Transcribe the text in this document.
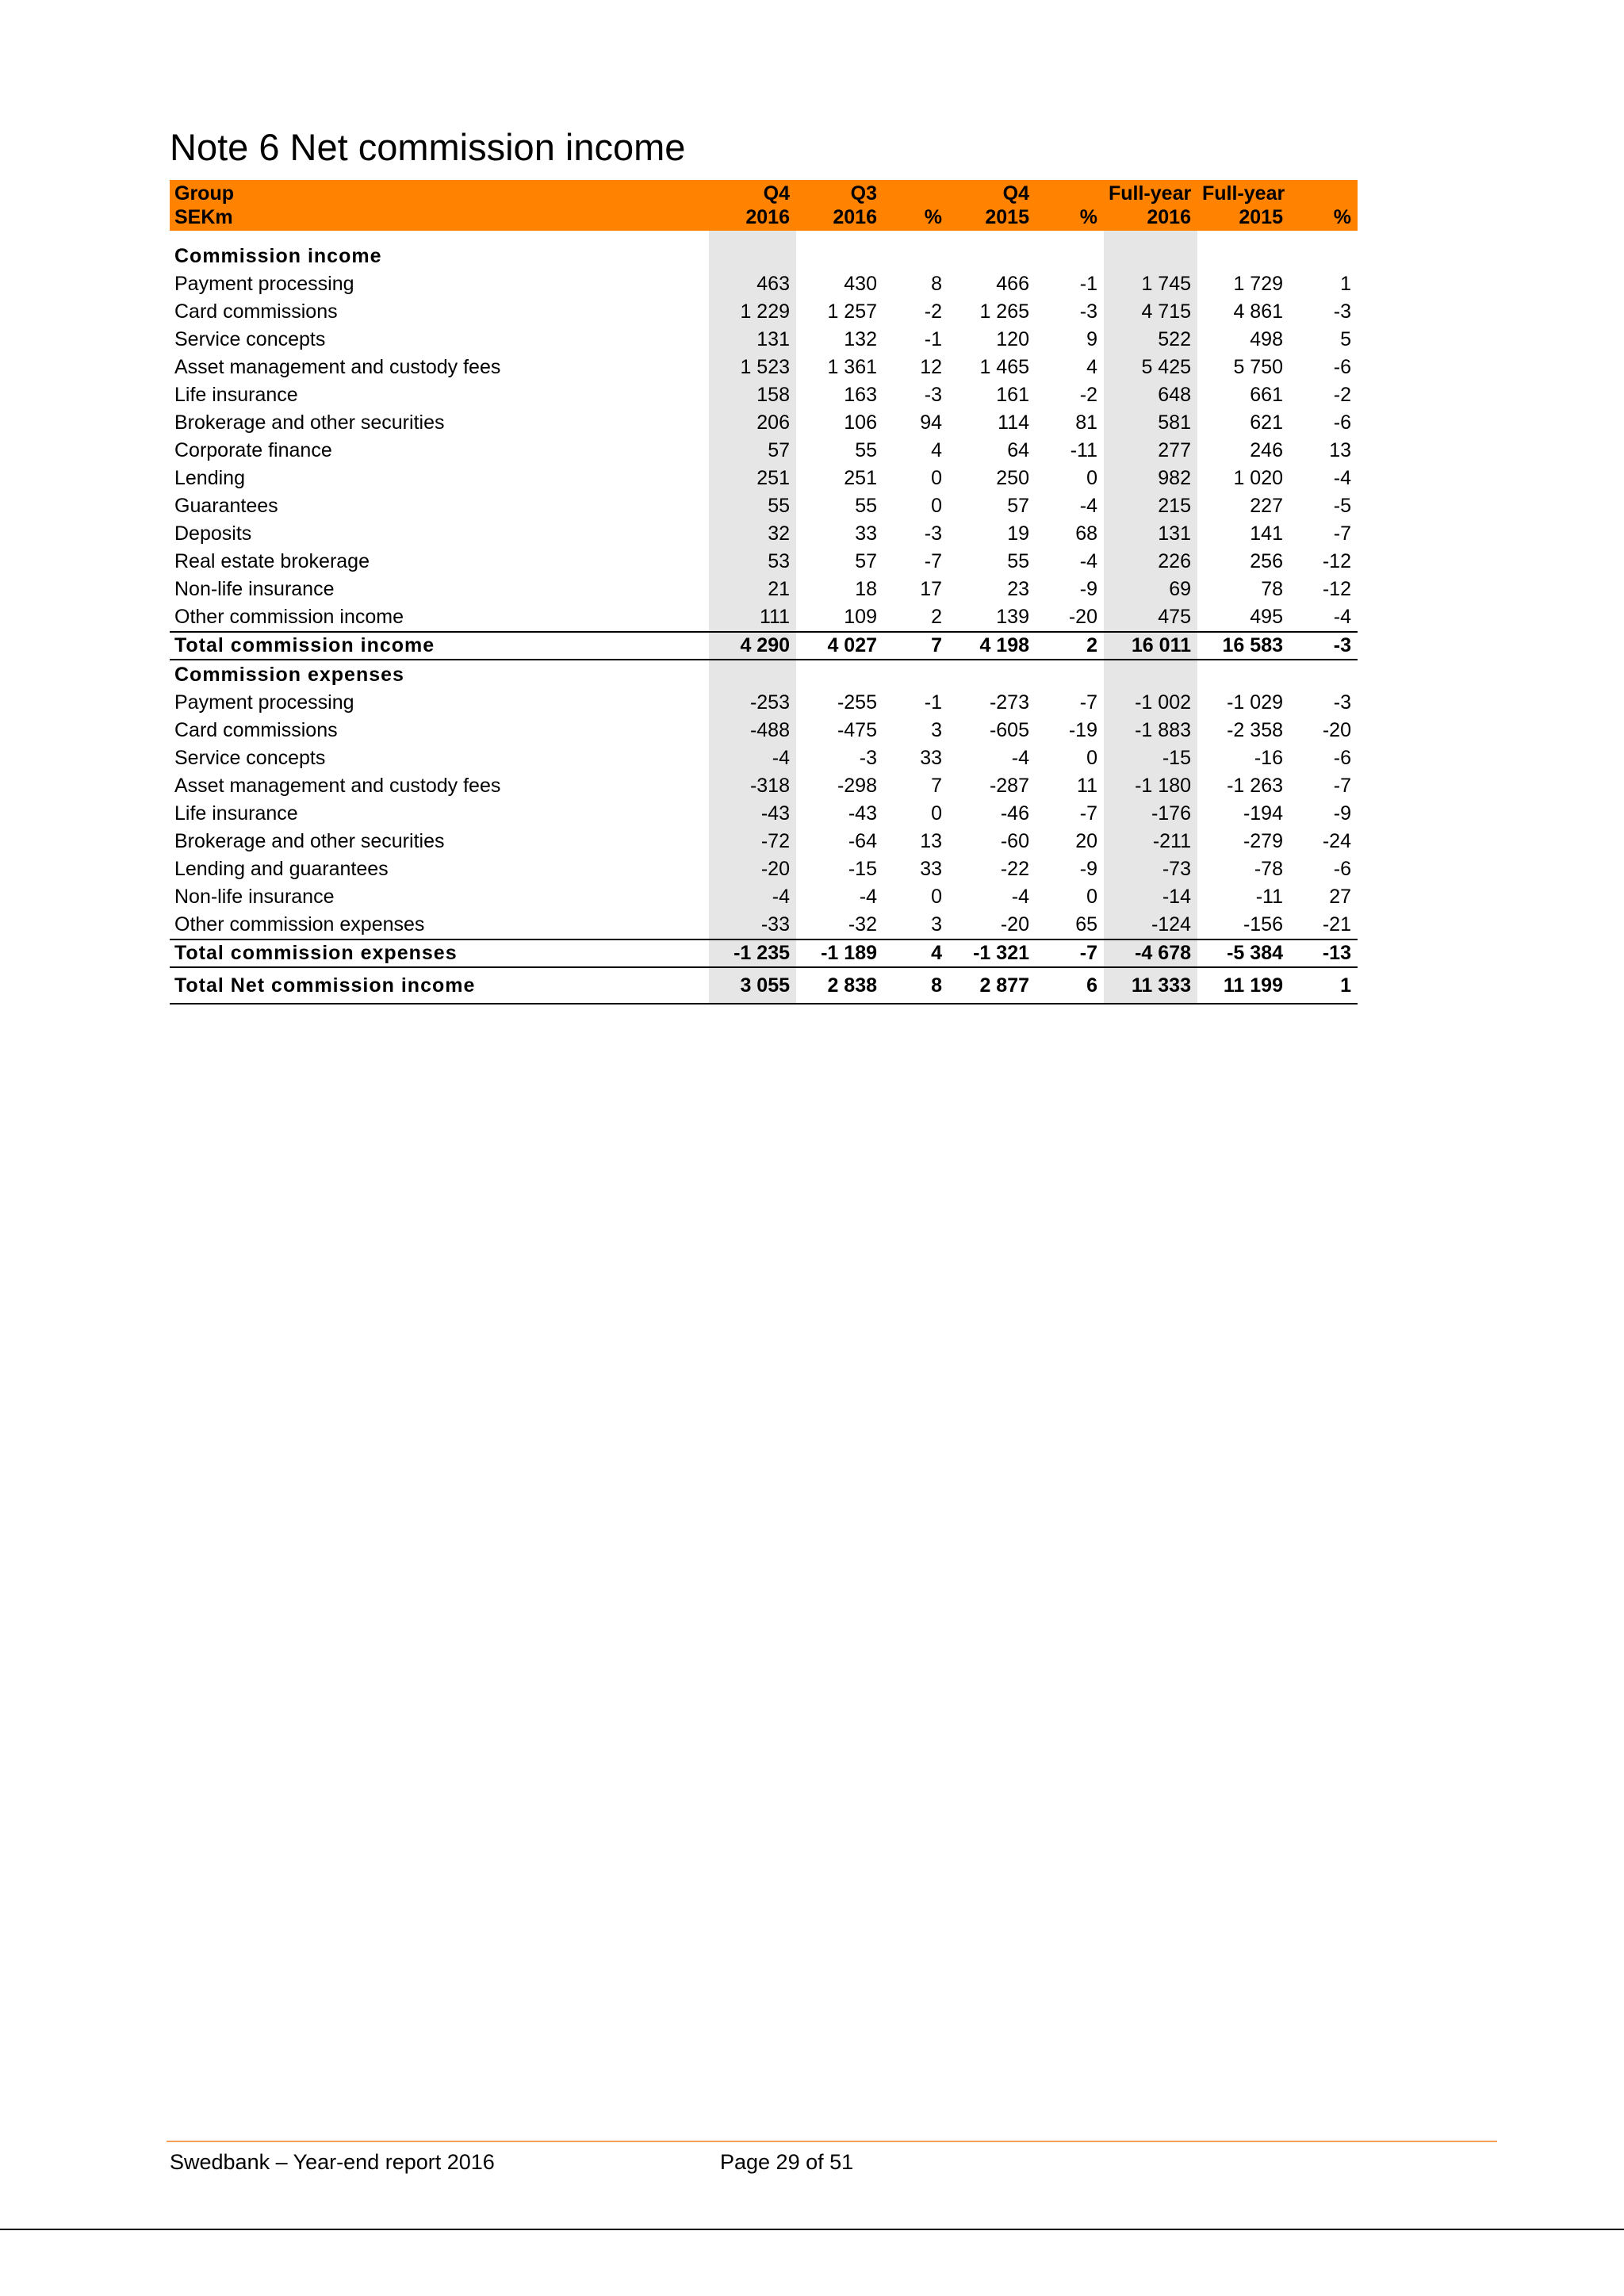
Note 6 Net commission income
Group	Q4	Q3		Q4		Full-year	Full-year	
SEKm	2016	2016	%	2015	%	2016	2015	%

Commission income								
Payment processing	463	430	8	466	-1	1 745	1 729	1
Card commissions	1 229	1 257	-2	1 265	-3	4 715	4 861	-3
Service concepts	131	132	-1	120	9	522	498	5
Asset management and custody fees	1 523	1 361	12	1 465	4	5 425	5 750	-6
Life insurance	158	163	-3	161	-2	648	661	-2
Brokerage and other securities	206	106	94	114	81	581	621	-6
Corporate finance	57	55	4	64	-11	277	246	13
Lending	251	251	0	250	0	982	1 020	-4
Guarantees	55	55	0	57	-4	215	227	-5
Deposits	32	33	-3	19	68	131	141	-7
Real estate brokerage	53	57	-7	55	-4	226	256	-12
Non-life insurance	21	18	17	23	-9	69	78	-12
Other commission income	111	109	2	139	-20	475	495	-4
Total commission income	4 290	4 027	7	4 198	2	16 011	16 583	-3
Commission expenses								
Payment processing	-253	-255	-1	-273	-7	-1 002	-1 029	-3
Card commissions	-488	-475	3	-605	-19	-1 883	-2 358	-20
Service concepts	-4	-3	33	-4	0	-15	-16	-6
Asset management and custody fees	-318	-298	7	-287	11	-1 180	-1 263	-7
Life insurance	-43	-43	0	-46	-7	-176	-194	-9
Brokerage and other securities	-72	-64	13	-60	20	-211	-279	-24
Lending and guarantees	-20	-15	33	-22	-9	-73	-78	-6
Non-life insurance	-4	-4	0	-4	0	-14	-11	27
Other commission expenses	-33	-32	3	-20	65	-124	-156	-21
Total commission expenses	-1 235	-1 189	4	-1 321	-7	-4 678	-5 384	-13
Total Net commission income	3 055	2 838	8	2 877	6	11 333	11 199	1
Swedbank – Year-end report 2016	Page 29 of 51
